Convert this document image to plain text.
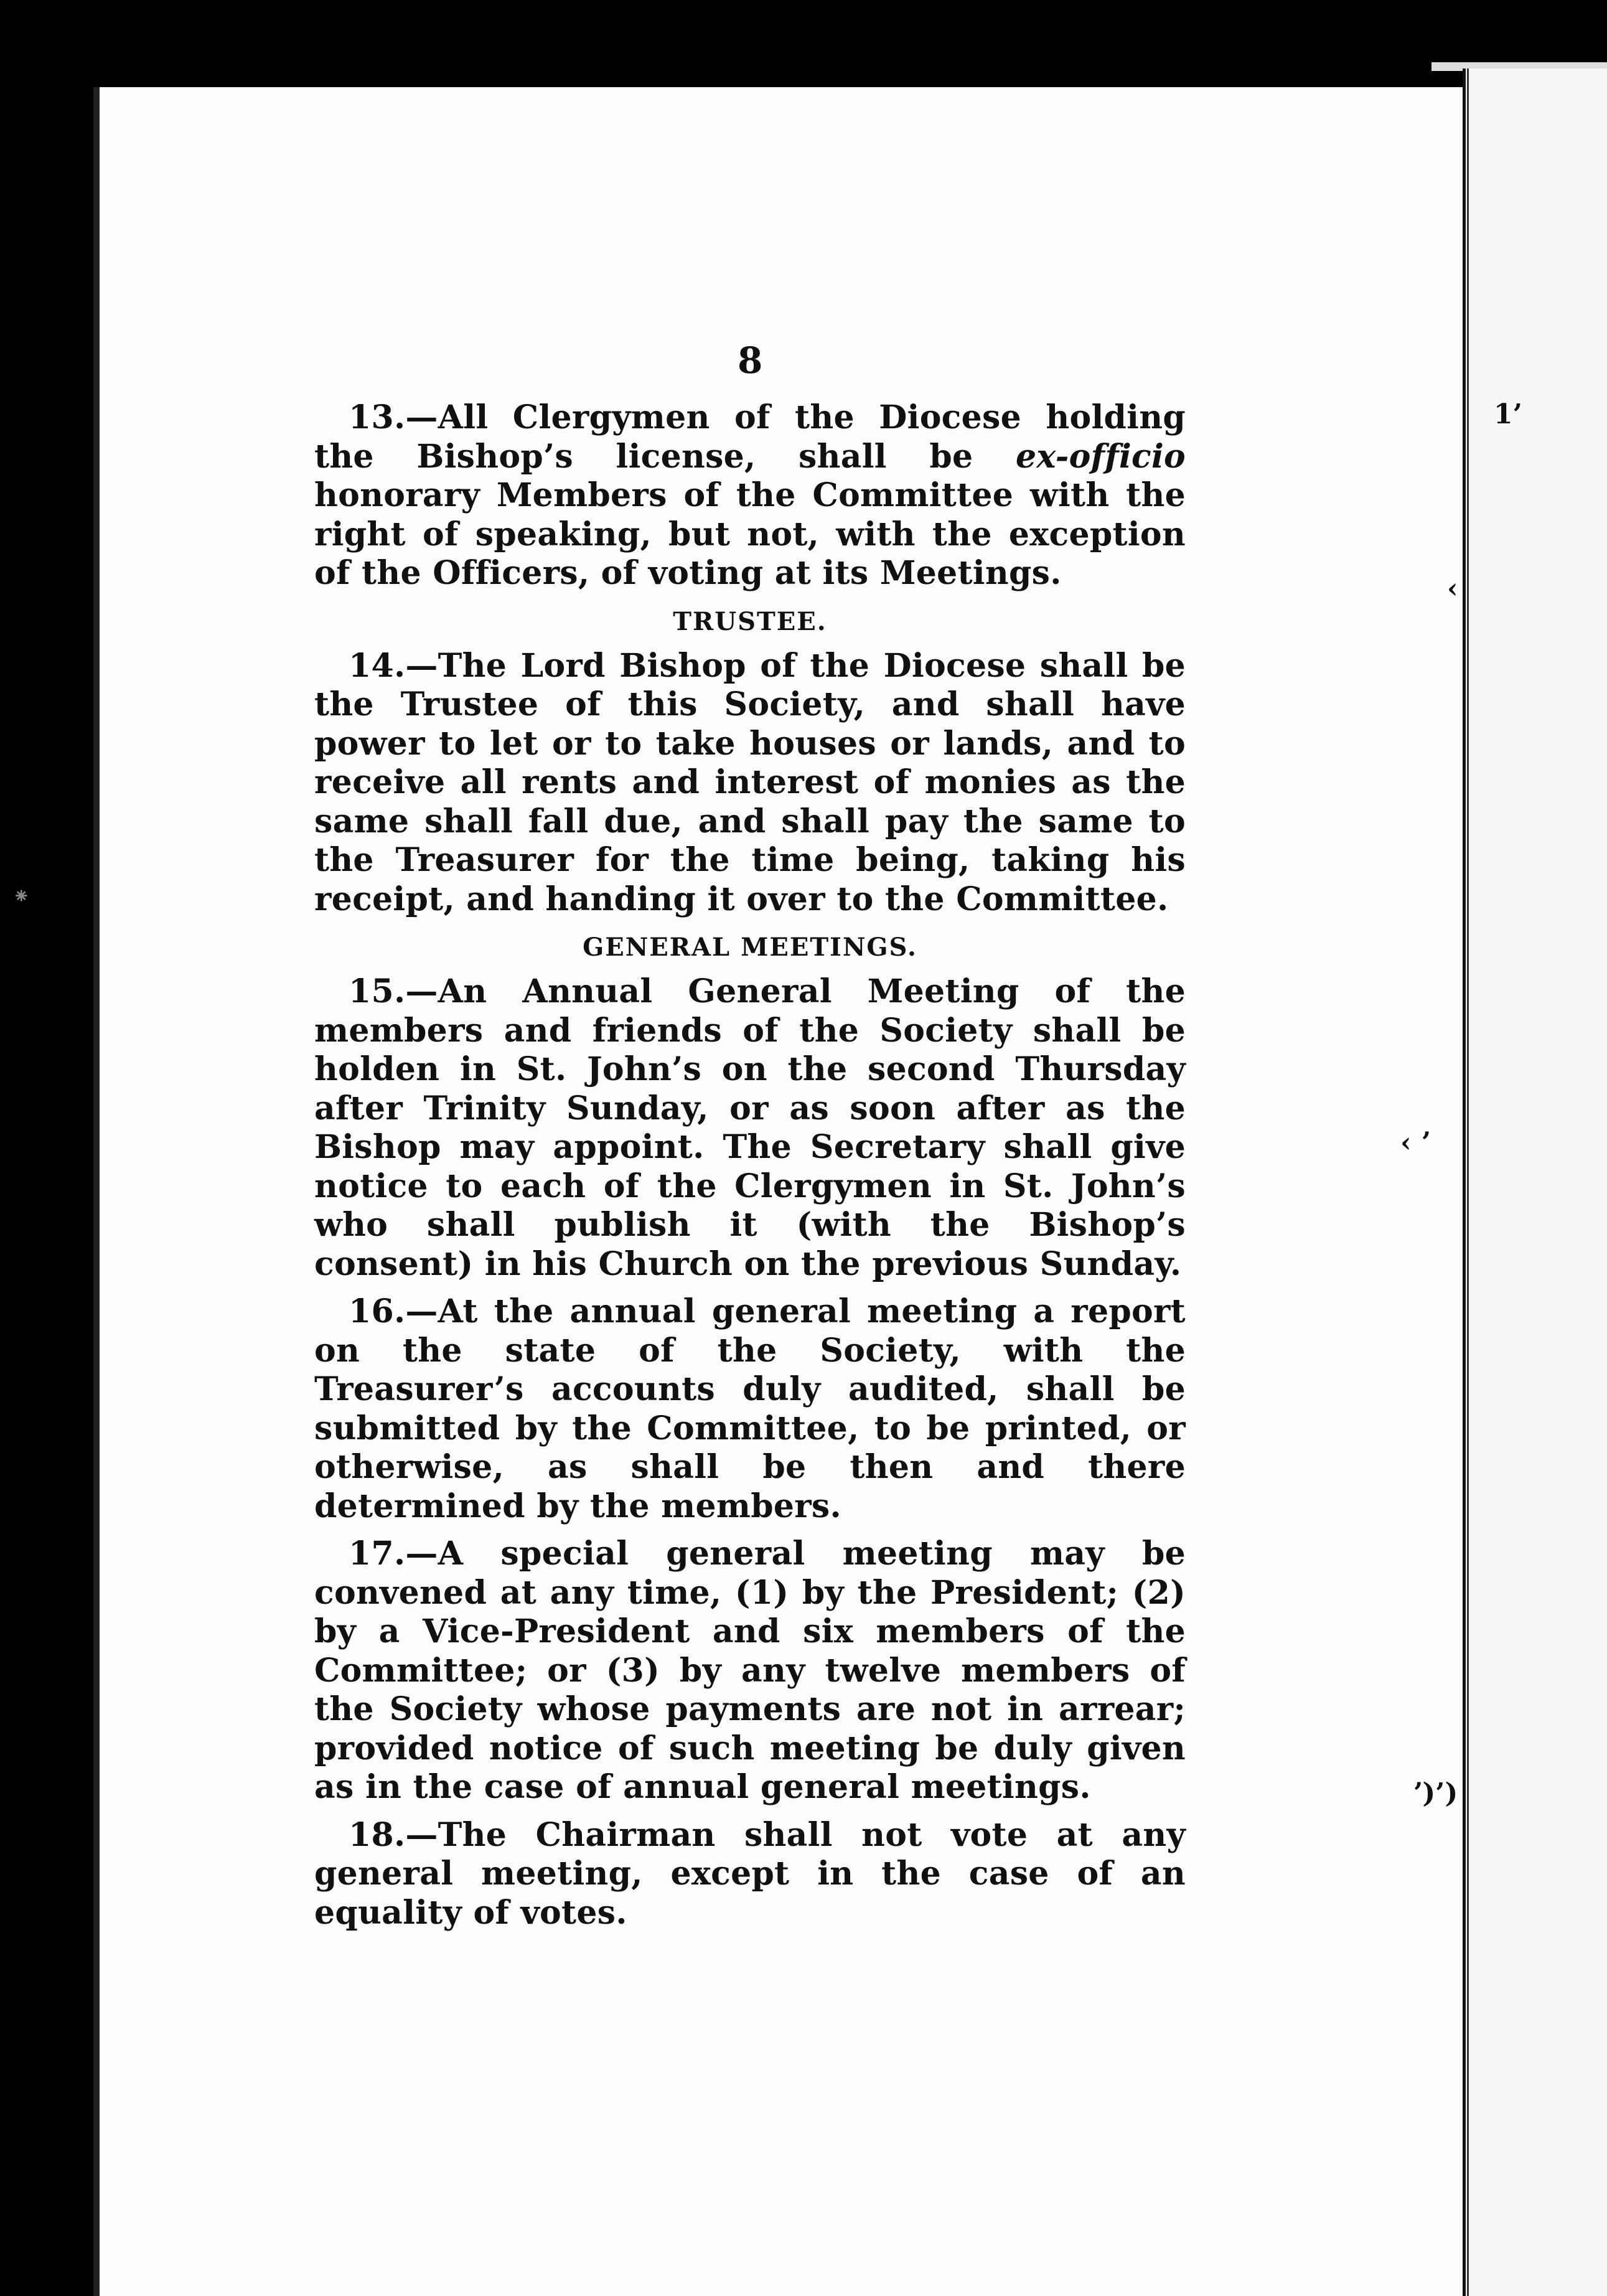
1’
‹
‹ ʼ
ʼ)’)
⁕
8

13.—All Clergymen of the Diocese holding the Bishop’s license, shall be ex-officio honorary Members of the Committee with the right of speaking, but not, with the exception of the Officers, of voting at its Meetings.

TRUSTEE.

14.—The Lord Bishop of the Diocese shall be the Trustee of this Society, and shall have power to let or to take houses or lands, and to receive all rents and interest of monies as the same shall fall due, and shall pay the same to the Treasurer for the time being, taking his receipt, and handing it over to the Committee.

GENERAL MEETINGS.

15.—An Annual General Meeting of the members and friends of the Society shall be holden in St. John’s on the second Thursday after Trinity Sunday, or as soon after as the Bishop may appoint. The Secretary shall give notice to each of the Clergymen in St. John’s who shall publish it (with the Bishop’s consent) in his Church on the previous Sunday.

16.—At the annual general meeting a report on the state of the Society, with the Treasurer’s accounts duly audited, shall be submitted by the Committee, to be printed, or otherwise, as shall be then and there determined by the members.

17.—A special general meeting may be convened at any time, (1) by the President; (2) by a Vice-President and six members of the Committee; or (3) by any twelve members of the Society whose payments are not in arrear; provided notice of such meeting be duly given as in the case of annual general meetings.

18.—The Chairman shall not vote at any general meeting, except in the case of an equality of votes.
